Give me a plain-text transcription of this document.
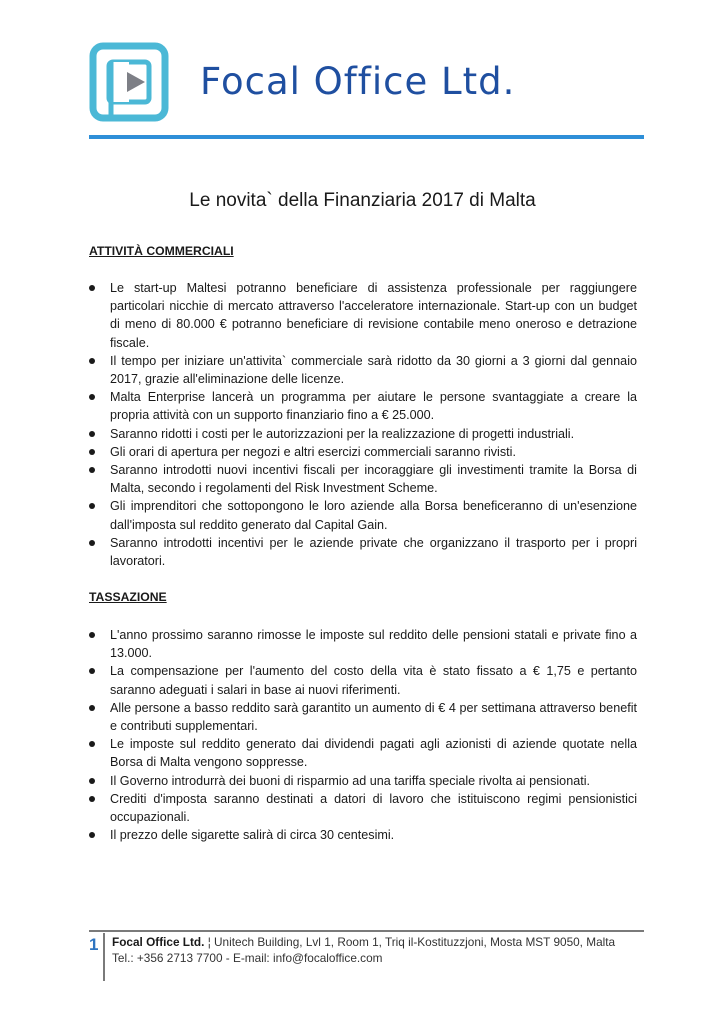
Focal Office Ltd.
Le novita` della Finanziaria 2017 di Malta
ATTIVITÀ COMMERCIALI
Le start-up Maltesi potranno beneficiare di assistenza professionale per raggiungere particolari nicchie di mercato attraverso l'acceleratore internazionale. Start-up con un budget di meno di 80.000 € potranno beneficiare di revisione contabile meno oneroso e detrazione fiscale.
Il tempo per iniziare un'attivita` commerciale sarà ridotto da 30 giorni a 3 giorni dal gennaio 2017, grazie all'eliminazione delle licenze.
Malta Enterprise lancerà un programma per aiutare le persone svantaggiate a creare la propria attività con un supporto finanziario fino a € 25.000.
Saranno ridotti i costi per le autorizzazioni per la realizzazione di progetti industriali.
Gli orari di apertura per negozi e altri esercizi commerciali saranno rivisti.
Saranno introdotti nuovi incentivi fiscali per incoraggiare gli investimenti tramite la Borsa di Malta, secondo i regolamenti del Risk Investment Scheme.
Gli imprenditori che sottopongono le loro aziende alla Borsa beneficeranno di un'esenzione dall'imposta sul reddito generato dal Capital Gain.
Saranno introdotti incentivi per le aziende private che organizzano il trasporto per i propri lavoratori.
TASSAZIONE
L'anno prossimo saranno rimosse le imposte sul reddito delle pensioni statali e private fino a 13.000.
La compensazione per l'aumento del costo della vita è stato fissato a € 1,75 e pertanto saranno adeguati i salari in base ai nuovi riferimenti.
Alle persone a basso reddito sarà garantito un aumento di € 4 per settimana attraverso benefit e contributi supplementari.
Le imposte sul reddito generato dai dividendi pagati agli azionisti di aziende quotate nella Borsa di Malta vengono soppresse.
Il Governo introdurrà dei buoni di risparmio ad una tariffa speciale rivolta ai pensionati.
Crediti d'imposta saranno destinati a datori di lavoro che istituiscono regimi pensionistici occupazionali.
Il prezzo delle sigarette salirà di circa 30 centesimi.
1	Focal Office Ltd. ¦ Unitech Building, Lvl 1, Room 1, Triq il-Kostituzzjoni, Mosta MST 9050, Malta
Tel.: +356 2713 7700 - E-mail: info@focaloffice.com
